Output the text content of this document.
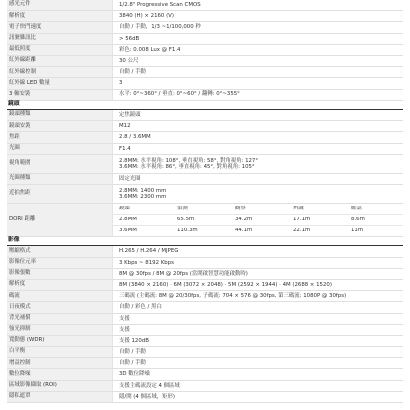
感光元件	1/2.8" Progressive Scan CMOS
解析度	3840 (H) × 2160 (V)
電子快門速度	自動 / 手動，1/3 ~1/100,000 秒
訊號雜訊比	> 56dB
最低照度	彩色: 0.008 Lux @ F1.4
紅外線距離	30 公尺
紅外線控制	自動 / 手動
紅外線 LED 數量	3
3 軸安裝	水平: 0°~360° / 垂直: 0°~60° / 翻轉: 0°~355°
鏡頭
鏡頭種類	定焦鏡頭
鏡頭安裝	M12
焦距	2.8 / 3.6MM
光圈	F1.4
視角範圍	2.8MM: 水平視角: 108°, 垂直視角: 58°, 對角視角: 127°
3.6MM: 水平視角: 86°, 垂直視角: 45°, 對角視角: 105°
光圈種類	固定光圈
近拍焦距	2.8MM: 1400 mm
3.6MM: 2300 mm
DORI 距離
鏡頭	偵測	觀察	辨識	確認
2.8MM	65.5m	34.2m	17.1m	8.6m
3.6MM	110.3m	44.1m	22.1m	11m
影像
壓縮格式	H.265 / H.264 / MJPEG
影像位元率	3 Kbps ~ 8192 Kbps
影像張數	8M @ 30fps / 8M @ 20fps (當開啟智慧功能啟動時)
解析度	8M (3840 × 2160) · 6M (3072 × 2048) · 5M (2592 × 1944) · 4M (2688 × 1520)
碼流	三碼流 (主碼流: 8M @ 20/30fps, 子碼流: 704 × 576 @ 30fps, 第三碼流: 1080P @ 30fps)
日夜模式	自動 / 彩色 / 黑白
背光補償	支援
強光抑制	支援
寬動態 (WDR)	支援 120dB
白平衡	自動 / 手動
增益控制	自動 / 手動
數位降噪	3D 數位降噪
區域影像擷取 (ROI)	支援主碼流設定 4 個區域
隱私遮罩	隱/開 (4 個區域，矩形)
